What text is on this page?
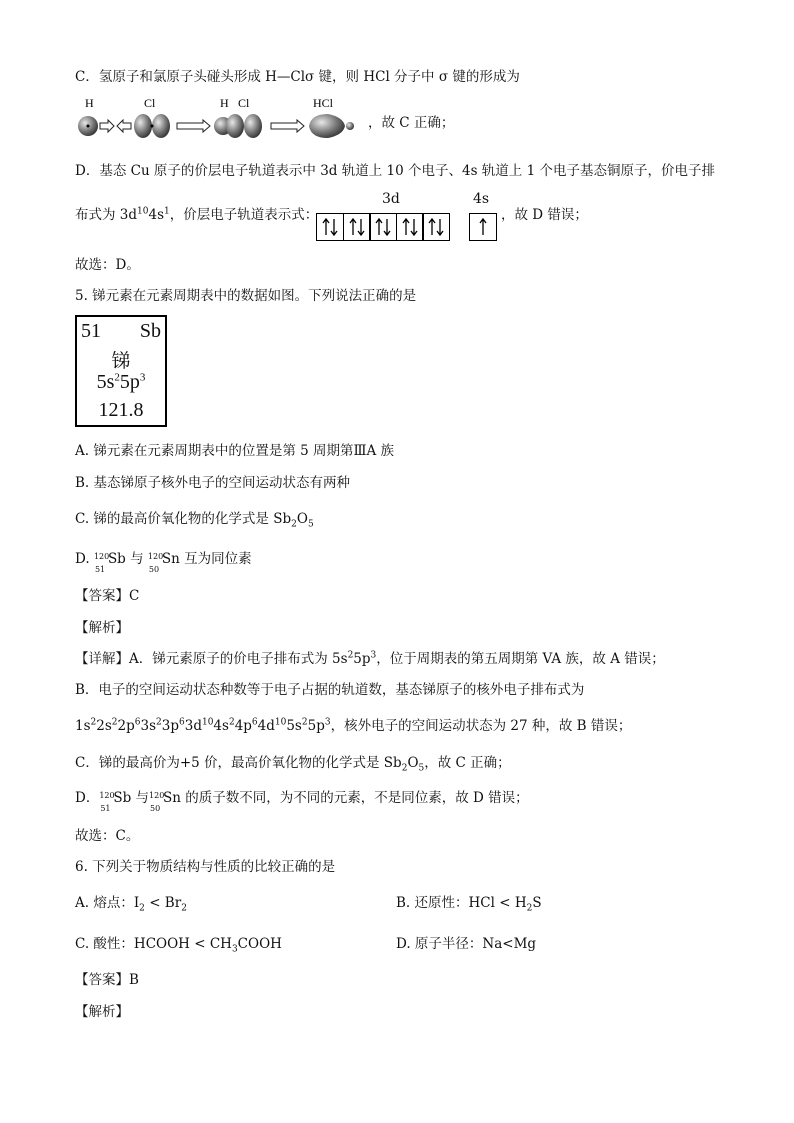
C．氢原子和氯原子头碰头形成 H—Clσ 键，则 HCl 分子中 σ 键的形成为
H	Cl	H Cl	HCl
，故 C 正确；
D．基态 Cu 原子的价层电子轨道表示中 3d 轨道上 10 个电子、4s 轨道上 1 个电子基态铜原子，价电子排
布式为 $3d^{10}4s^1$，价层电子轨道表示式：
3d	4s
，故 D 错误；
故选：D。
5. 锑元素在元素周期表中的数据如图。下列说法正确的是
51 Sb
锑
$5s^25p^3$
121.8
A. 锑元素在元素周期表中的位置是第 5 周期第ⅢA 族
B. 基态锑原子核外电子的空间运动状态有两种
C. 锑的最高价氧化物的化学式是 $Sb_2O_5$
D. 120
51
Sb 与 120
50
Sn 互为同位素
【答案】C
【解析】
【详解】A．锑元素原子的价电子排布式为 $5s^25p^3$，位于周期表的第五周期第 VA 族，故 A 错误；
B．电子的空间运动状态种数等于电子占据的轨道数，基态锑原子的核外电子排布式为
$1s^22s^22p^63s^23p^63d^{10}4s^24p^64d^{10}5s^25p^3$，核外电子的空间运动状态为 27 种，故 B 错误；
C．锑的最高价为+5 价，最高价氧化物的化学式是 $Sb_2O_5$，故 C 正确；
D． 120
51
Sb 与 120
50
Sn 的质子数不同，为不同的元素，不是同位素，故 D 错误；
故选：C。
6. 下列关于物质结构与性质的比较正确的是
A. 熔点：$I_2 < Br_2$	B. 还原性：HCl < $H_2S$
C. 酸性：HCOOH < $CH_3COOH$	D. 原子半径：Na<Mg
【答案】B
【解析】
